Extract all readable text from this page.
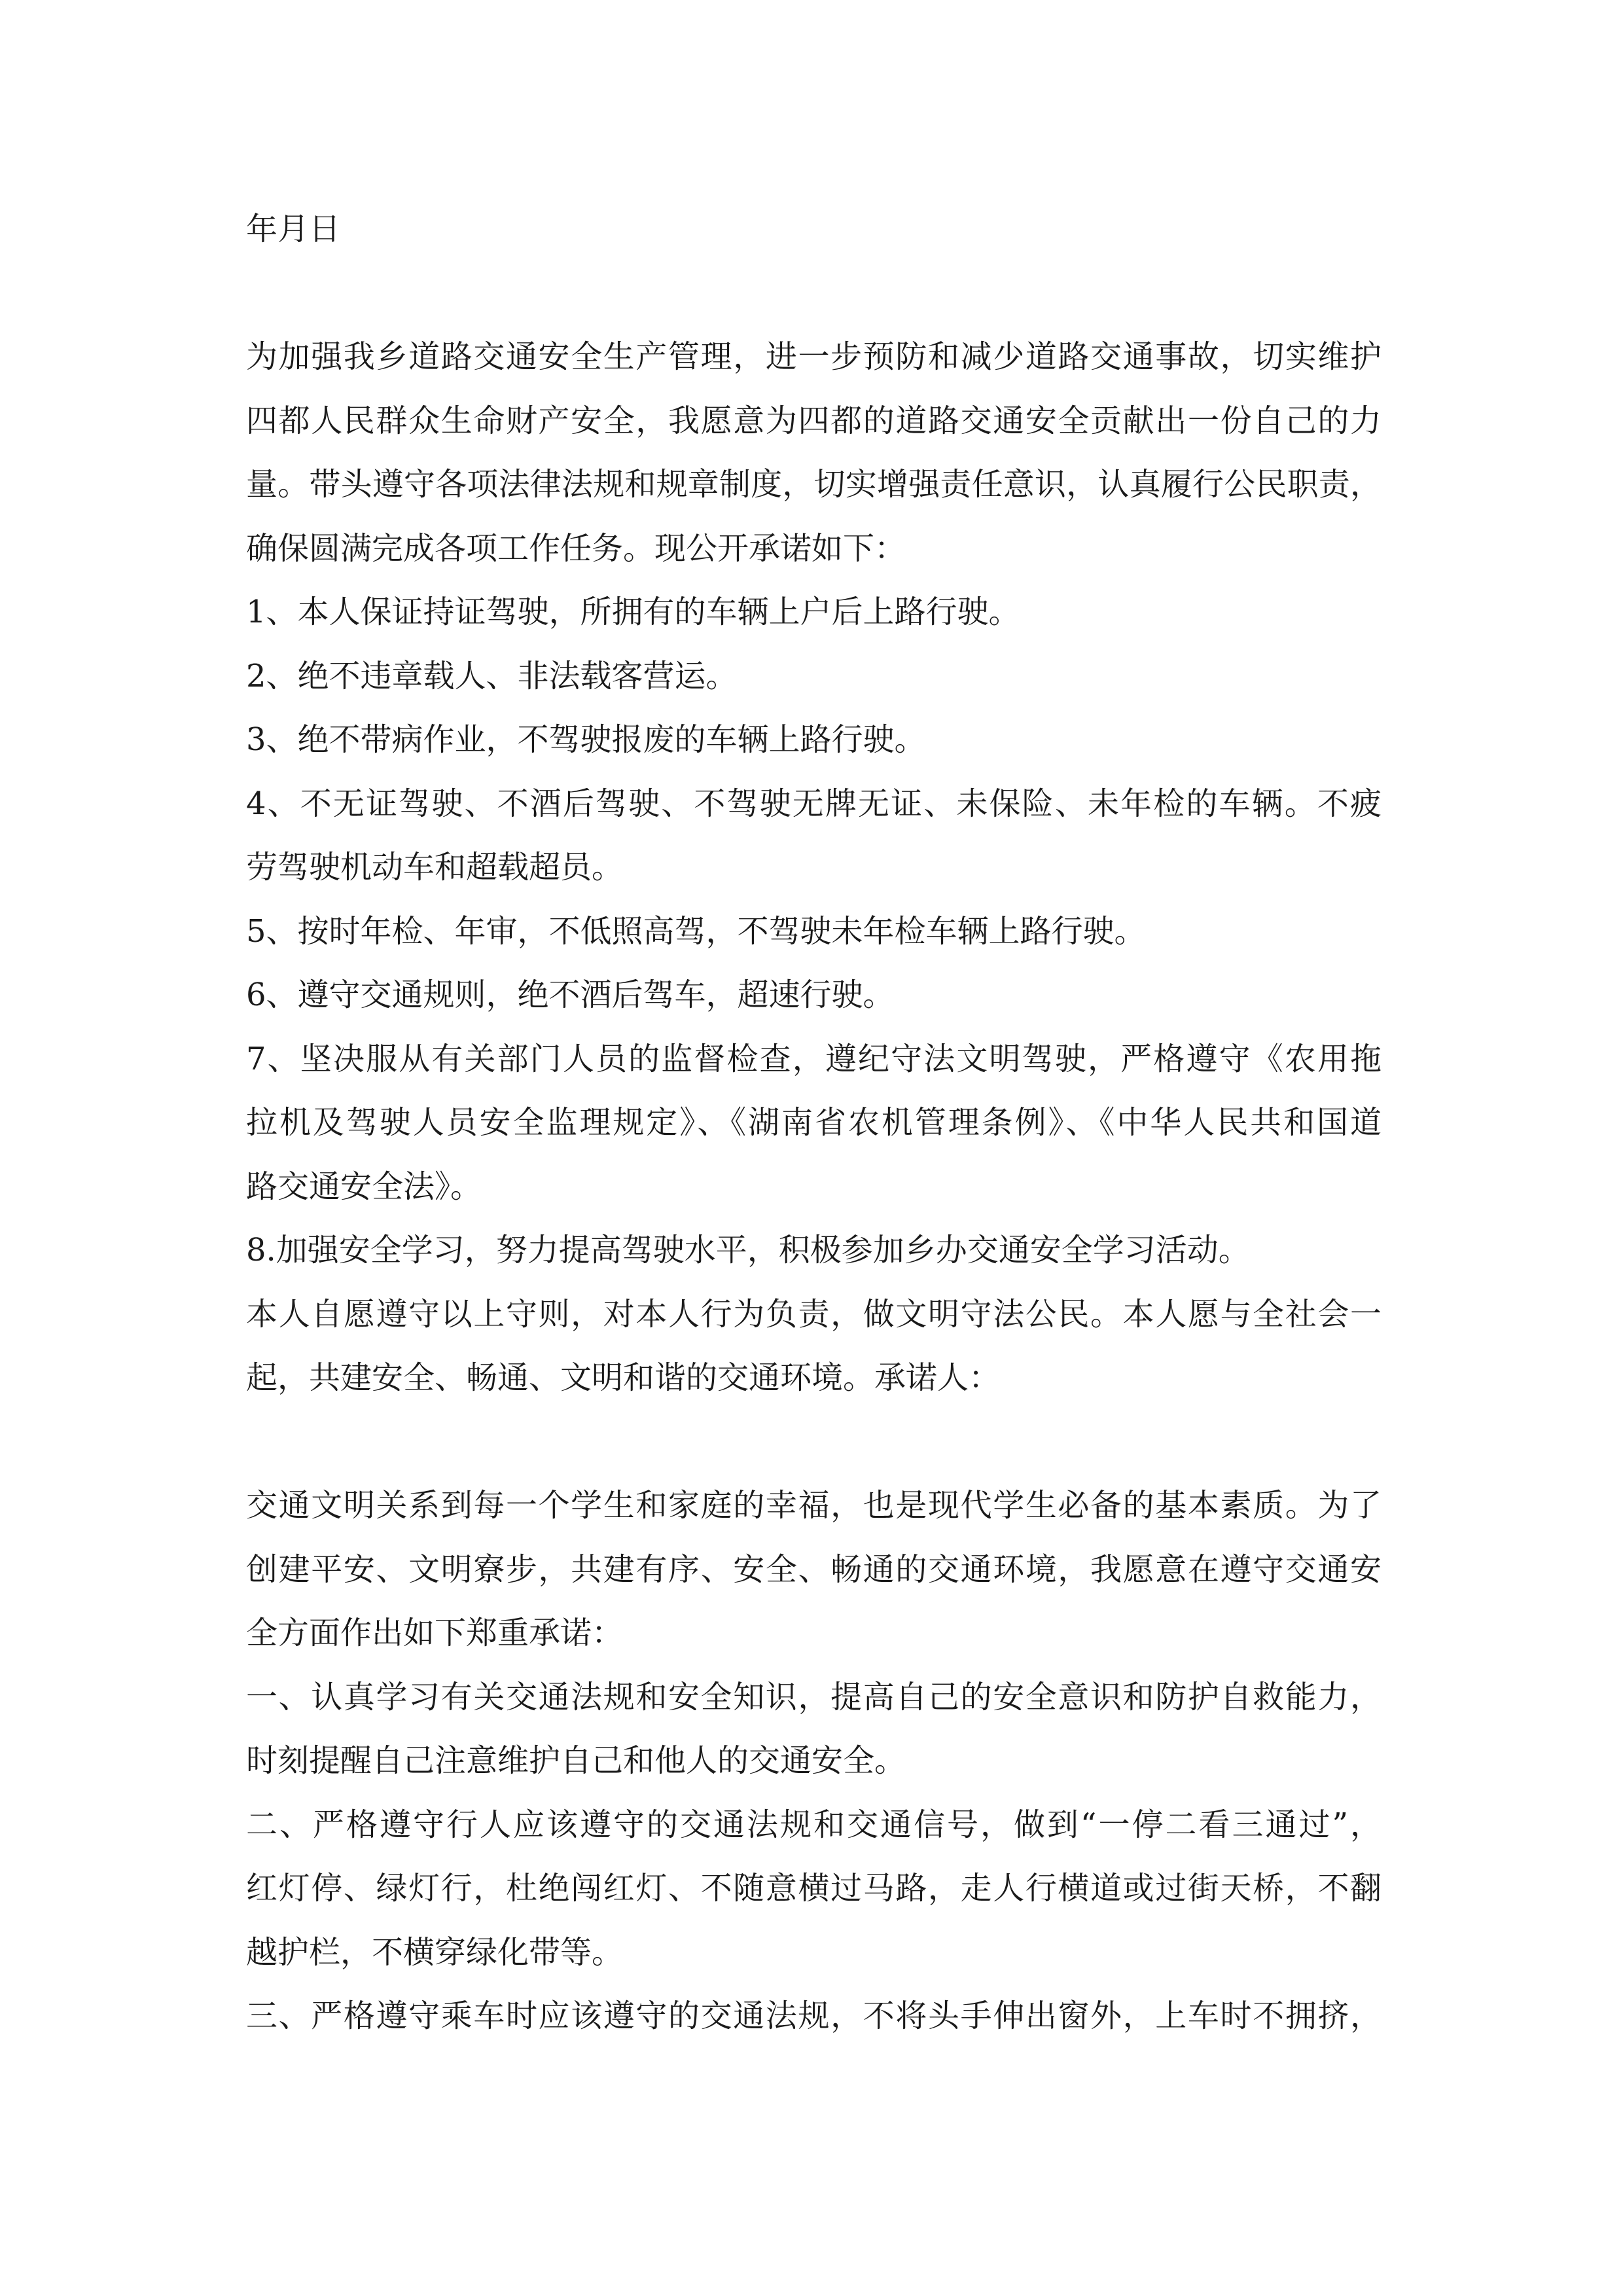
年月日
为加强我乡道路交通安全生产管理，进一步预防和减少道路交通事故，切实维护
四都人民群众生命财产安全，我愿意为四都的道路交通安全贡献出一份自己的力
量。带头遵守各项法律法规和规章制度，切实增强责任意识，认真履行公民职责，
确保圆满完成各项工作任务。现公开承诺如下：
1、本人保证持证驾驶，所拥有的车辆上户后上路行驶。
2、绝不违章载人、非法载客营运。
3、绝不带病作业，不驾驶报废的车辆上路行驶。
4、不无证驾驶、不酒后驾驶、不驾驶无牌无证、未保险、未年检的车辆。不疲
劳驾驶机动车和超载超员。
5、按时年检、年审，不低照高驾，不驾驶未年检车辆上路行驶。
6、遵守交通规则，绝不酒后驾车，超速行驶。
7、坚决服从有关部门人员的监督检查，遵纪守法文明驾驶，严格遵守《农用拖
拉机及驾驶人员安全监理规定》、《湖南省农机管理条例》、《中华人民共和国道
路交通安全法》。
8.加强安全学习，努力提高驾驶水平，积极参加乡办交通安全学习活动。
本人自愿遵守以上守则，对本人行为负责，做文明守法公民。本人愿与全社会一
起，共建安全、畅通、文明和谐的交通环境。承诺人：
交通文明关系到每一个学生和家庭的幸福，也是现代学生必备的基本素质。为了
创建平安、文明寮步，共建有序、安全、畅通的交通环境，我愿意在遵守交通安
全方面作出如下郑重承诺：
一、认真学习有关交通法规和安全知识，提高自己的安全意识和防护自救能力，
时刻提醒自己注意维护自己和他人的交通安全。
二、严格遵守行人应该遵守的交通法规和交通信号，做到“一停二看三通过”，
红灯停、绿灯行，杜绝闯红灯、不随意横过马路，走人行横道或过街天桥，不翻
越护栏，不横穿绿化带等。
三、严格遵守乘车时应该遵守的交通法规，不将头手伸出窗外，上车时不拥挤，
